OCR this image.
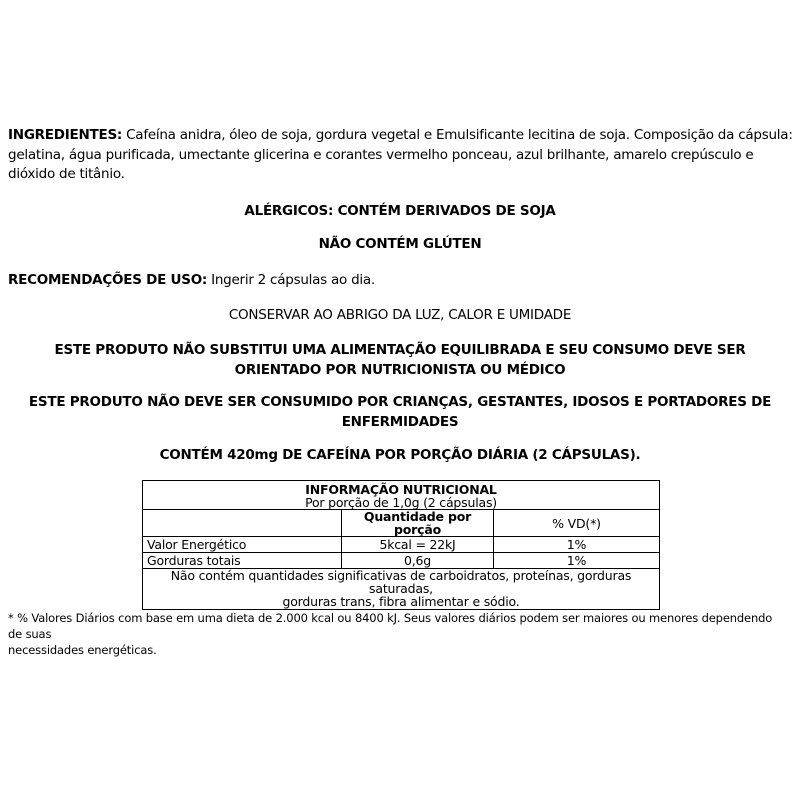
INGREDIENTES: Cafeína anidra, óleo de soja, gordura vegetal e Emulsificante lecitina de soja. Composição da cápsula: gelatina, água purificada, umectante glicerina e corantes vermelho ponceau, azul brilhante, amarelo crepúsculo e dióxido de titânio.
ALÉRGICOS: CONTÉM DERIVADOS DE SOJA
NÃO CONTÉM GLÚTEN
RECOMENDAÇÕES DE USO: Ingerir 2 cápsulas ao dia.
CONSERVAR AO ABRIGO DA LUZ, CALOR E UMIDADE
ESTE PRODUTO NÃO SUBSTITUI UMA ALIMENTAÇÃO EQUILIBRADA E SEU CONSUMO DEVE SER
ORIENTADO POR NUTRICIONISTA OU MÉDICO
ESTE PRODUTO NÃO DEVE SER CONSUMIDO POR CRIANÇAS, GESTANTES, IDOSOS E PORTADORES DE
ENFERMIDADES
CONTÉM 420mg DE CAFEÍNA POR PORÇÃO DIÁRIA (2 CÁPSULAS).
INFORMAÇÃO NUTRICIONAL
Por porção de 1,0g (2 cápsulas)		

	Quantidade por porção	% VD(*)
Valor Energético	5kcal = 22kJ	1%
Gorduras totais	0,6g	1%

Não contém quantidades significativas de carboidratos, proteínas, gorduras saturadas,
gorduras trans, fibra alimentar e sódio.		
* % Valores Diários com base em uma dieta de 2.000 kcal ou 8400 kJ. Seus valores diários podem ser maiores ou menores dependendo de suas
necessidades energéticas.
